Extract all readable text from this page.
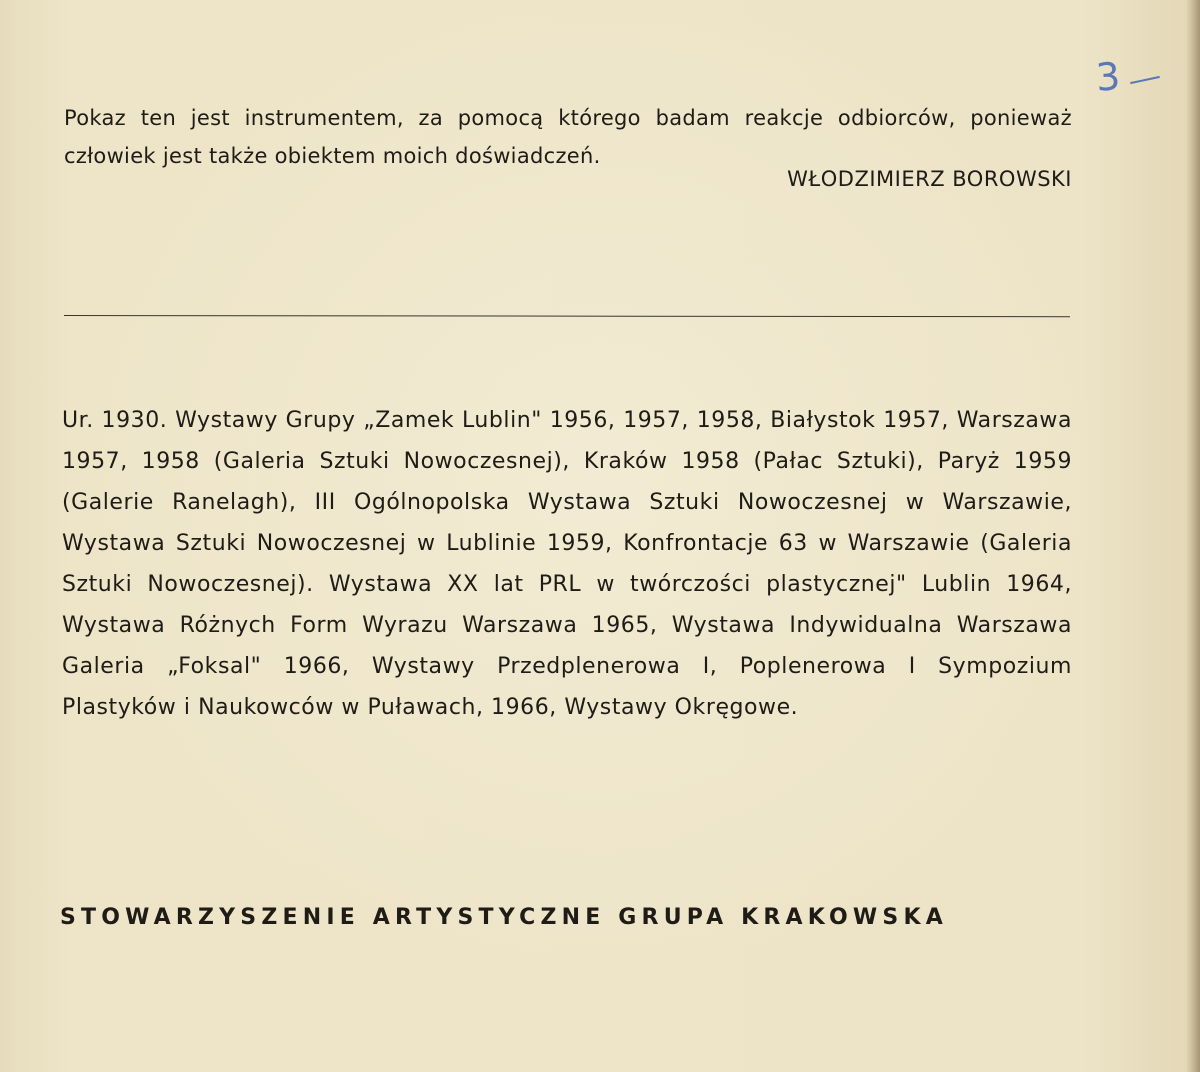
3

Pokaz ten jest instrumentem, za pomocą którego badam reakcje odbiorców, ponieważ człowiek jest także obiektem moich doświadczeń.

WŁODZIMIERZ BOROWSKI

Ur. 1930. Wystawy Grupy „Zamek Lublin" 1956, 1957, 1958, Białystok 1957, Warszawa 1957, 1958 (Galeria Sztuki Nowoczesnej), Kraków 1958 (Pałac Sztuki), Paryż 1959 (Galerie Ranelagh), III Ogólnopolska Wystawa Sztuki Nowoczesnej w Warszawie, Wystawa Sztuki Nowoczesnej w Lublinie 1959, Konfrontacje 63 w Warszawie (Galeria Sztuki Nowoczesnej). Wystawa XX lat PRL w twórczości plastycznej" Lublin 1964, Wystawa Różnych Form Wyrazu Warszawa 1965, Wystawa Indywidualna Warszawa Galeria „Foksal" 1966, Wystawy Przedplenerowa I, Poplenerowa I Sympozium Plastyków i Naukowców w Puławach, 1966, Wystawy Okręgowe.

STOWARZYSZENIE ARTYSTYCZNE GRUPA KRAKOWSKA
